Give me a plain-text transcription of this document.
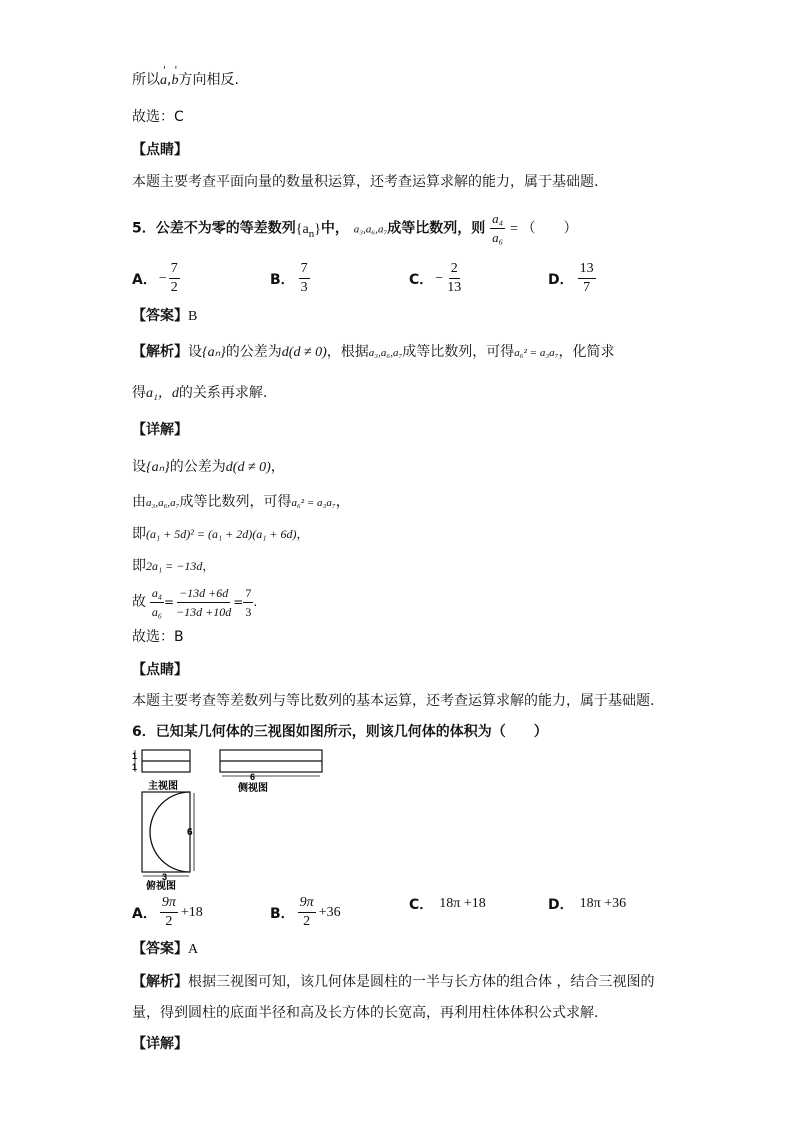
所以
'
a,
'
b方向相反.
故选：C
【点睛】
本题主要考查平面向量的数量积运算，还考查运算求解的能力，属于基础题.
5．公差不为零的等差数列$\{a_n\}$中， a₃,a₆,a₇成等比数列，则 $\frac{\text{a₄}}{\text{a₆}}$ = （　　）
A． − $\frac{7}{2}$	B． $\frac{7}{3}$	C． − $\frac{2}{13}$	D． $\frac{13}{7}$
【答案】B
【解析】设{aₙ}的公差为d(d ≠ 0)，根据a₃,a₆,a₇成等比数列，可得a₆² = a₃a₇，化简求
得a₁，d的关系再求解.
【详解】
设{aₙ}的公差为d(d ≠ 0)，
由a₃,a₆,a₇成等比数列，可得a₆² = a₃a₇，
即(a₁ + 5d)² = (a₁ + 2d)(a₁ + 6d)，
即2a₁ = −13d，
故 $\frac{\text{a₄}}{\text{a₆}} = \frac{-13d +6d}{-13d +10d} = \frac{7}{3}$ .
故选：B
【点睛】
本题主要考查等差数列与等比数列的基本运算，还考查运算求解的能力，属于基础题.
6．已知某几何体的三视图如图所示，则该几何体的体积为（　　）
1
1
主视图
6
侧视图
6
3
俯视图
A． $\frac{9\pi}{2} +18$	B． $\frac{9\pi}{2} +36$	C． 18π +18	D． 18π +36
【答案】A
【解析】根据三视图可知，该几何体是圆柱的一半与长方体的组合体 ，结合三视图的
量，得到圆柱的底面半径和高及长方体的长宽高，再利用柱体体积公式求解.
【详解】
